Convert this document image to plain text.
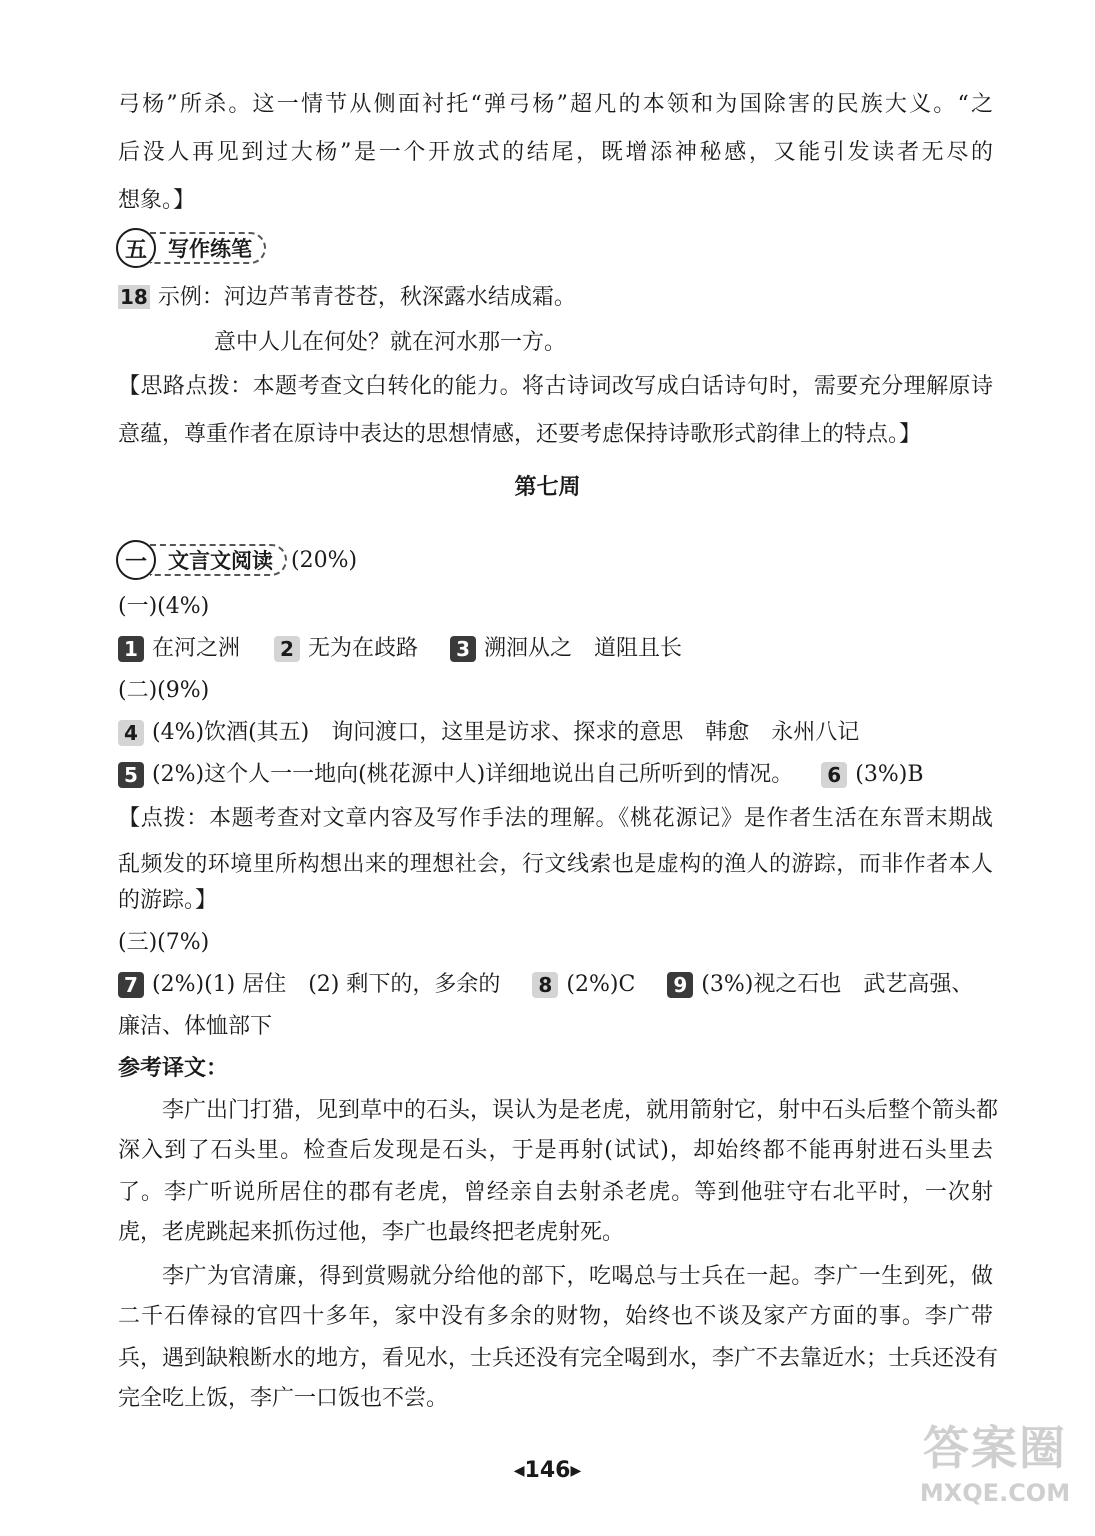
弓杨”所杀。这一情节从侧面衬托“弹弓杨”超凡的本领和为国除害的民族大义。“之
后没人再见到过大杨”是一个开放式的结尾，既增添神秘感，又能引发读者无尽的
想象。】
五	写作练笔
18 示例：河边芦苇青苍苍，秋深露水结成霜。
意中人儿在何处？就在河水那一方。
【思路点拨：本题考查文白转化的能力。将古诗词改写成白话诗句时，需要充分理解原诗
意蕴，尊重作者在原诗中表达的思想情感，还要考虑保持诗歌形式韵律上的特点。】
第七周
一	文言文阅读 (20%)
(一)(4%)
1 在河之洲 2 无为在歧路 3 溯洄从之　道阻且长
(二)(9%)
4 (4%)饮酒(其五)　询问渡口，这里是访求、探求的意思　韩愈　永州八记
5 (2%)这个人一一地向(桃花源中人)详细地说出自己所听到的情况。 6 (3%)B
【点拨：本题考查对文章内容及写作手法的理解。《桃花源记》是作者生活在东晋末期战
乱频发的环境里所构想出来的理想社会，行文线索也是虚构的渔人的游踪，而非作者本人
的游踪。】
(三)(7%)
7 (2%)(1) 居住　(2) 剩下的，多余的 8 (2%)C 9 (3%)视之石也　武艺高强、
廉洁、体恤部下
参考译文：
李广出门打猎，见到草中的石头，误认为是老虎，就用箭射它，射中石头后整个箭头都
深入到了石头里。检查后发现是石头，于是再射(试试)，却始终都不能再射进石头里去
了。李广听说所居住的郡有老虎，曾经亲自去射杀老虎。等到他驻守右北平时，一次射
虎，老虎跳起来抓伤过他，李广也最终把老虎射死。
李广为官清廉，得到赏赐就分给他的部下，吃喝总与士兵在一起。李广一生到死，做
二千石俸禄的官四十多年，家中没有多余的财物，始终也不谈及家产方面的事。李广带
兵，遇到缺粮断水的地方，看见水，士兵还没有完全喝到水，李广不去靠近水；士兵还没有
完全吃上饭，李广一口饭也不尝。
◀146▶	答案圈
MXQE.COM
